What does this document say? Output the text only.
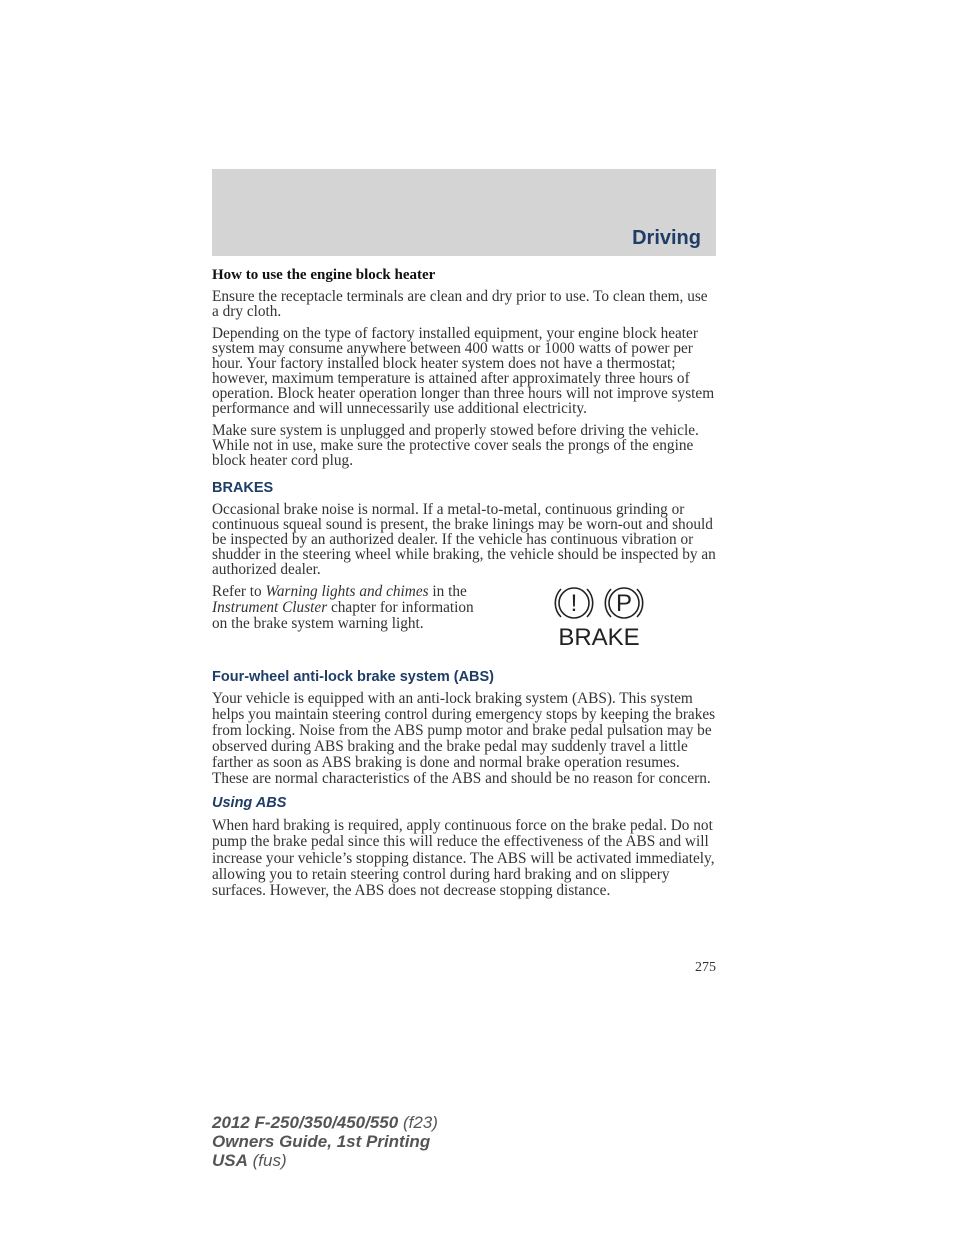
Driving
How to use the engine block heater

Ensure the receptacle terminals are clean and dry prior to use. To clean them, use a dry cloth.

Depending on the type of factory installed equipment, your engine block heater system may consume anywhere between 400 watts or 1000 watts of power per hour. Your factory installed block heater system does not have a thermostat; however, maximum temperature is attained after approximately three hours of operation. Block heater operation longer than three hours will not improve system performance and will unnecessarily use additional electricity.

Make sure system is unplugged and properly stowed before driving the vehicle. While not in use, make sure the protective cover seals the prongs of the engine block heater cord plug.

BRAKES

Occasional brake noise is normal. If a metal-to-metal, continuous grinding or continuous squeal sound is present, the brake linings may be worn-out and should be inspected by an authorized dealer. If the vehicle has continuous vibration or shudder in the steering wheel while braking, the vehicle should be inspected by an authorized dealer.

Refer to Warning lights and chimes in the Instrument Cluster chapter for information on the brake system warning light.
! P
BRAKE
Four-wheel anti-lock brake system (ABS)

Your vehicle is equipped with an anti-lock braking system (ABS). This system helps you maintain steering control during emergency stops by keeping the brakes from locking. Noise from the ABS pump motor and brake pedal pulsation may be observed during ABS braking and the brake pedal may suddenly travel a little farther as soon as ABS braking is done and normal brake operation resumes. These are normal characteristics of the ABS and should be no reason for concern.

Using ABS

When hard braking is required, apply continuous force on the brake pedal. Do not pump the brake pedal since this will reduce the effectiveness of the ABS and will increase your vehicle’s stopping distance. The ABS will be activated immediately, allowing you to retain steering control during hard braking and on slippery surfaces. However, the ABS does not decrease stopping distance.

275
2012 F-250/350/450/550 (f23)
Owners Guide, 1st Printing
USA (fus)
